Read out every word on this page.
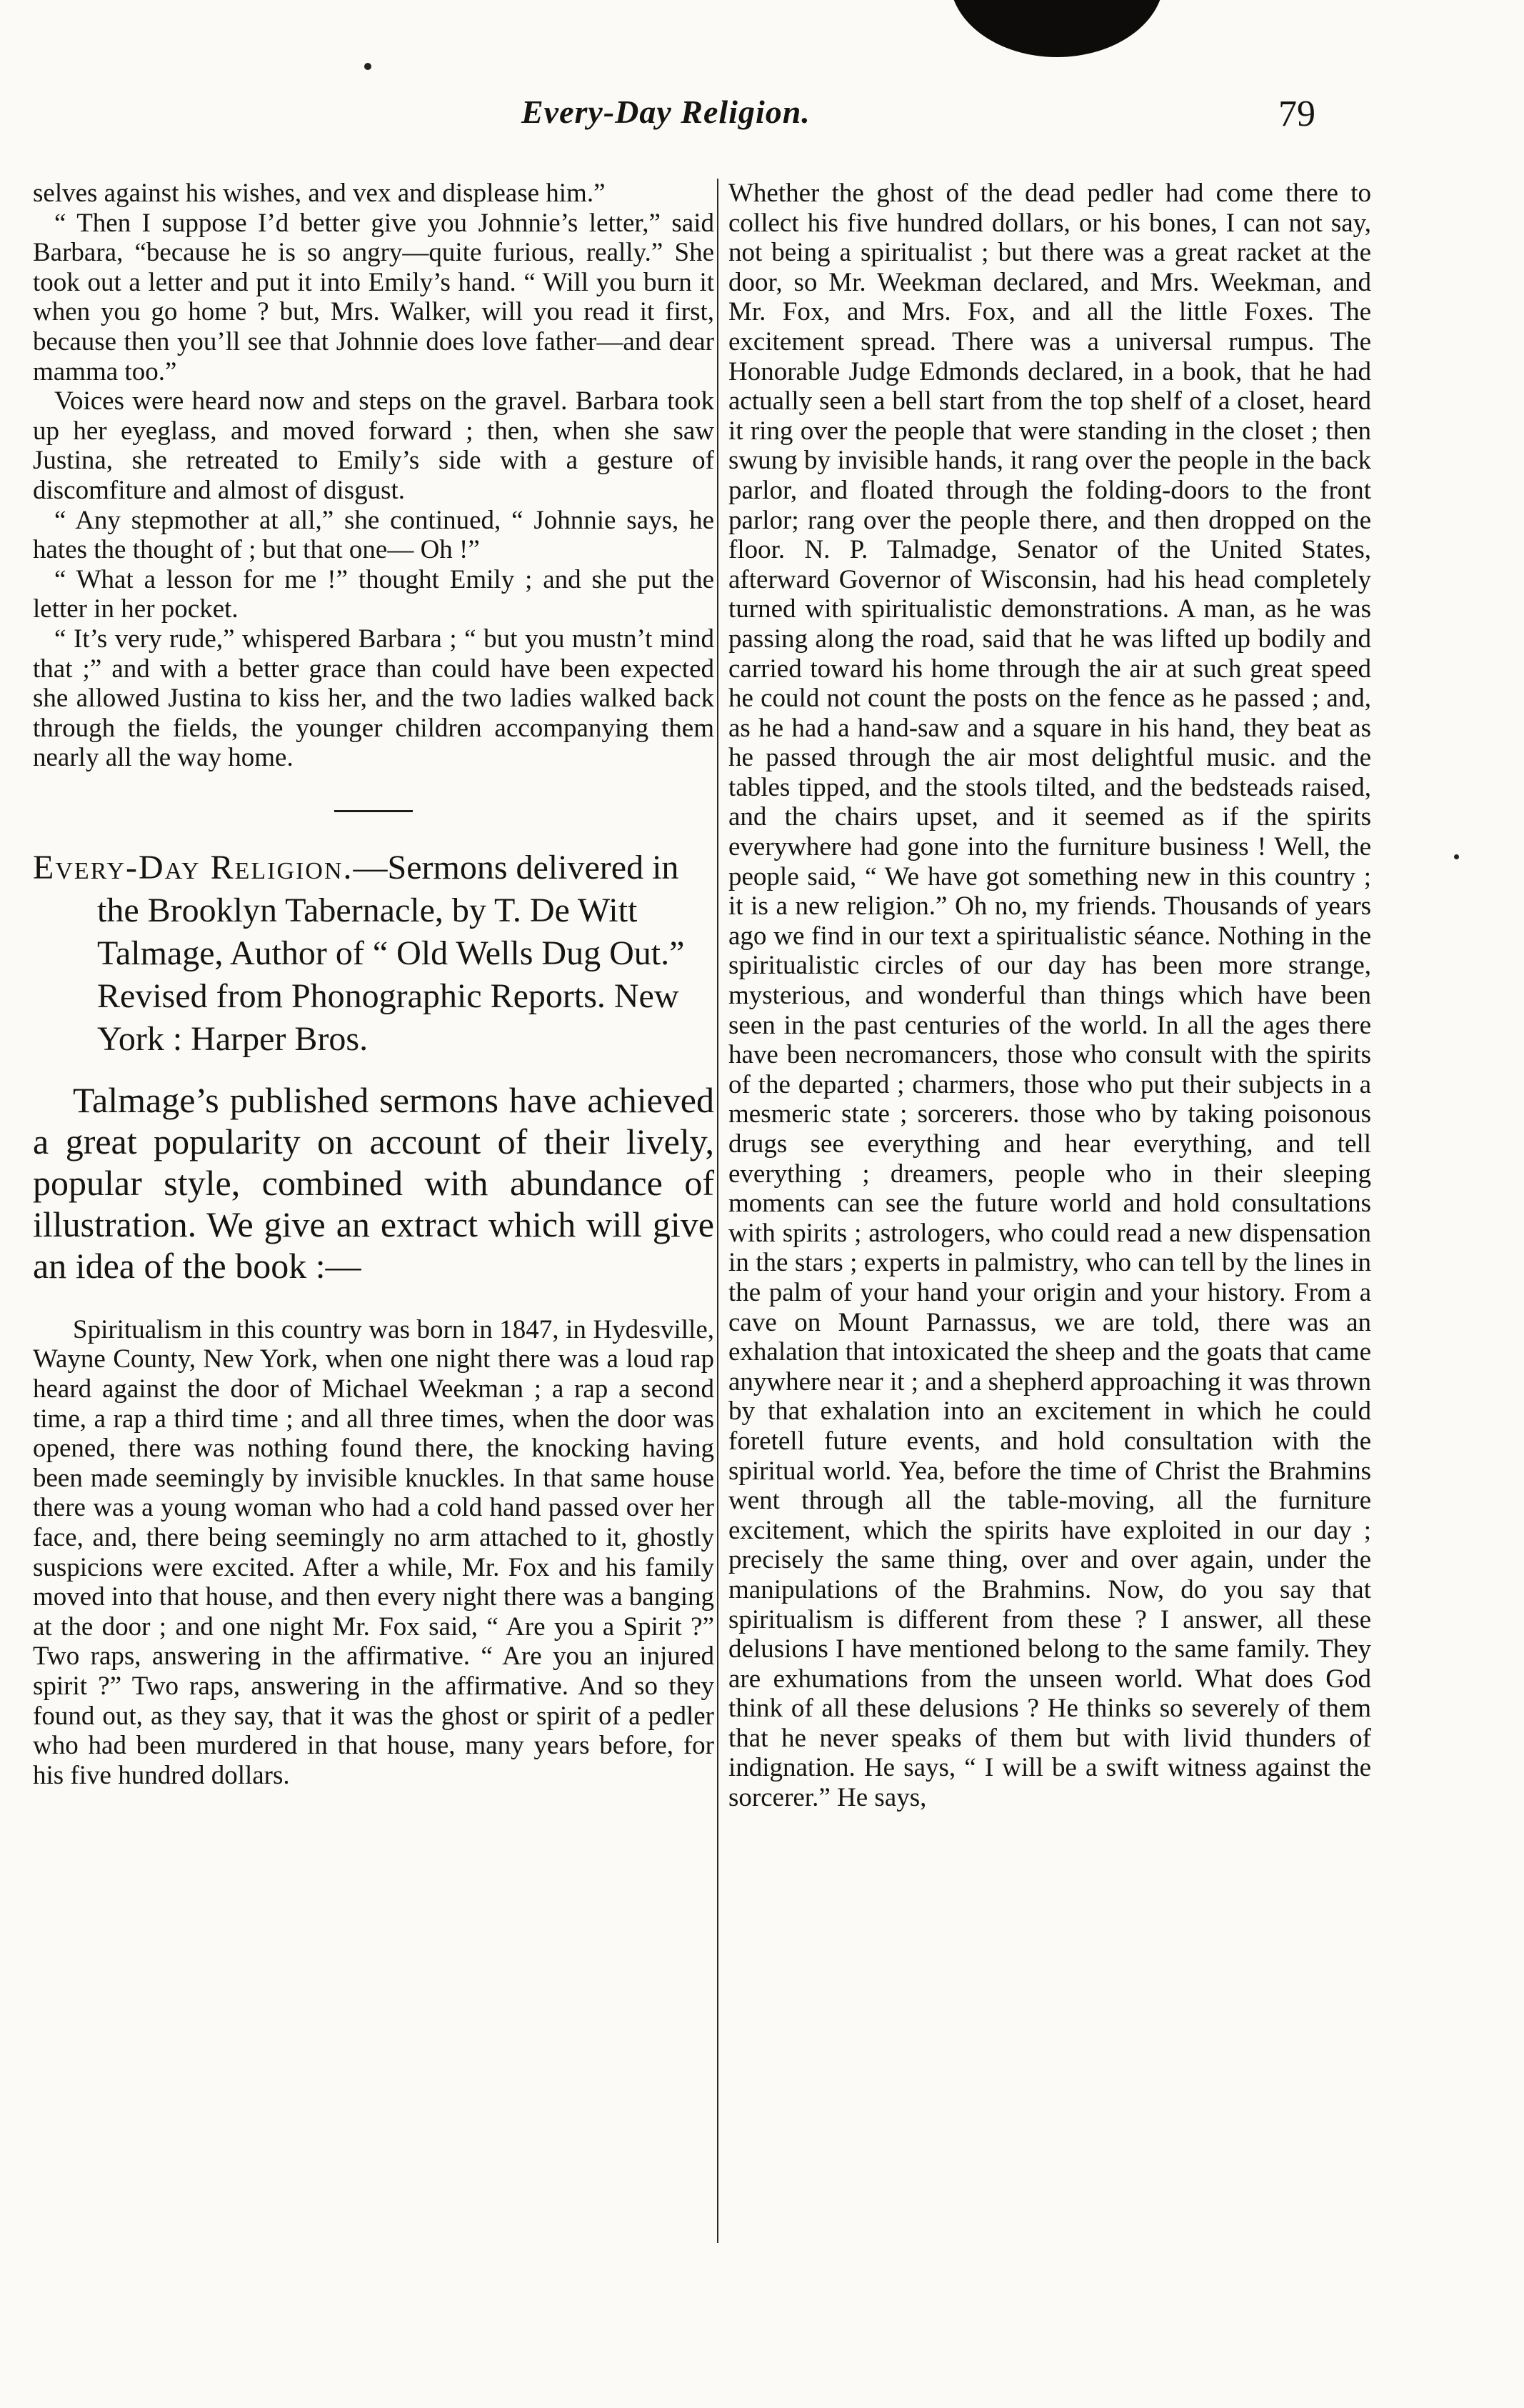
Every-Day Religion.	79

selves against his wishes, and vex and displease him.”

“ Then I suppose I’d better give you Johnnie’s letter,” said Barbara, “because he is so angry—quite furious, really.” She took out a letter and put it into Emily’s hand. “ Will you burn it when you go home ? but, Mrs. Walker, will you read it first, because then you’ll see that Johnnie does love father—and dear mamma too.”

Voices were heard now and steps on the gravel. Barbara took up her eyeglass, and moved forward ; then, when she saw Justina, she retreated to Emily’s side with a gesture of discomfiture and almost of disgust.

“ Any stepmother at all,” she continued, “ Johnnie says, he hates the thought of ; but that one— Oh !”

“ What a lesson for me !” thought Emily ; and she put the letter in her pocket.

“ It’s very rude,” whispered Barbara ; “ but you mustn’t mind that ;” and with a better grace than could have been expected she allowed Justina to kiss her, and the two ladies walked back through the fields, the younger children accompanying them nearly all the way home.

Every-Day Religion.—Sermons delivered in the Brooklyn Tabernacle, by T. De Witt Talmage, Author of “ Old Wells Dug Out.” Revised from Phonographic Reports. New York : Harper Bros.

Talmage’s published sermons have achieved a great popularity on account of their lively, popular style, combined with abundance of illustration. We give an extract which will give an idea of the book :—

Spiritualism in this country was born in 1847, in Hydesville, Wayne County, New York, when one night there was a loud rap heard against the door of Michael Weekman ; a rap a second time, a rap a third time ; and all three times, when the door was opened, there was nothing found there, the knocking having been made seemingly by invisible knuckles. In that same house there was a young woman who had a cold hand passed over her face, and, there being seemingly no arm attached to it, ghostly suspicions were excited. After a while, Mr. Fox and his family moved into that house, and then every night there was a banging at the door ; and one night Mr. Fox said, “ Are you a Spirit ?” Two raps, answering in the affirmative. “ Are you an injured spirit ?” Two raps, answering in the affirmative. And so they found out, as they say, that it was the ghost or spirit of a pedler who had been murdered in that house, many years before, for his five hundred dollars.

Whether the ghost of the dead pedler had come there to collect his five hundred dollars, or his bones, I can not say, not being a spiritualist ; but there was a great racket at the door, so Mr. Weekman declared, and Mrs. Weekman, and Mr. Fox, and Mrs. Fox, and all the little Foxes. The excitement spread. There was a universal rumpus. The Honorable Judge Edmonds declared, in a book, that he had actually seen a bell start from the top shelf of a closet, heard it ring over the people that were standing in the closet ; then swung by invisible hands, it rang over the people in the back parlor, and floated through the folding-doors to the front parlor; rang over the people there, and then dropped on the floor. N. P. Talmadge, Senator of the United States, afterward Governor of Wisconsin, had his head completely turned with spiritualistic demonstrations. A man, as he was passing along the road, said that he was lifted up bodily and carried toward his home through the air at such great speed he could not count the posts on the fence as he passed ; and, as he had a hand-saw and a square in his hand, they beat as he passed through the air most delightful music. and the tables tipped, and the stools tilted, and the bedsteads raised, and the chairs upset, and it seemed as if the spirits everywhere had gone into the furniture business ! Well, the people said, “ We have got something new in this country ; it is a new religion.” Oh no, my friends. Thousands of years ago we find in our text a spiritualistic séance. Nothing in the spiritualistic circles of our day has been more strange, mysterious, and wonderful than things which have been seen in the past centuries of the world. In all the ages there have been necromancers, those who consult with the spirits of the departed ; charmers, those who put their subjects in a mesmeric state ; sorcerers. those who by taking poisonous drugs see everything and hear everything, and tell everything ; dreamers, people who in their sleeping moments can see the future world and hold consultations with spirits ; astrologers, who could read a new dispensation in the stars ; experts in palmistry, who can tell by the lines in the palm of your hand your origin and your history. From a cave on Mount Parnassus, we are told, there was an exhalation that intoxicated the sheep and the goats that came anywhere near it ; and a shepherd approaching it was thrown by that exhalation into an excitement in which he could foretell future events, and hold consultation with the spiritual world. Yea, before the time of Christ the Brahmins went through all the table-moving, all the furniture excitement, which the spirits have exploited in our day ; precisely the same thing, over and over again, under the manipulations of the Brahmins. Now, do you say that spiritualism is different from these ? I answer, all these delusions I have mentioned belong to the same family. They are exhumations from the unseen world. What does God think of all these delusions ? He thinks so severely of them that he never speaks of them but with livid thunders of indignation. He says, “ I will be a swift witness against the sorcerer.” He says,
